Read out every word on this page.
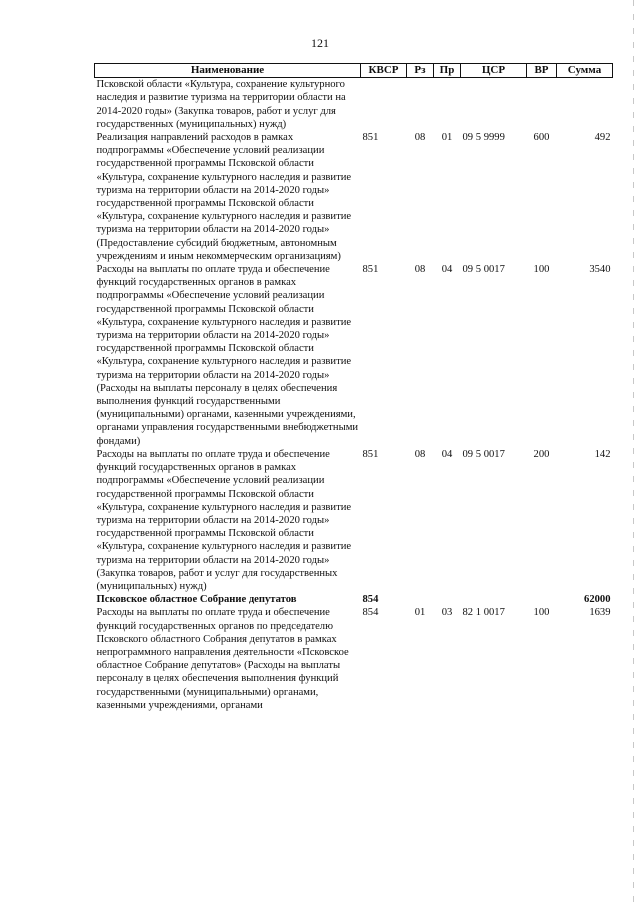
121
Наименование	КВСР	Рз	Пр	ЦСР	ВР	Сумма
Псковской области «Культура, сохранение культурного наследия и развитие туризма на территории области на 2014-2020 годы» (Закупка товаров, работ и услуг для государственных (муниципальных) нужд)						
Реализация направлений расходов в рамках подпрограммы «Обеспечение условий реализации государственной программы Псковской области «Культура, сохранение культурного наследия и развитие туризма на территории области на 2014-2020 годы» государственной программы Псковской области «Культура, сохранение культурного наследия и развитие туризма на территории области на 2014-2020 годы» (Предоставление субсидий бюджетным, автономным учреждениям и иным некоммерческим организациям)	851	08	01	09 5 9999	600	492
Расходы на выплаты по оплате труда и обеспечение функций государственных органов в рамках подпрограммы «Обеспечение условий реализации государственной программы Псковской области «Культура, сохранение культурного наследия и развитие туризма на территории области на 2014-2020 годы» государственной программы Псковской области «Культура, сохранение культурного наследия и развитие туризма на территории области на 2014-2020 годы» (Расходы на выплаты персоналу в целях обеспечения выполнения функций государственными (муниципальными) органами, казенными учреждениями, органами управления государственными внебюджетными фондами)	851	08	04	09 5 0017	100	3540
Расходы на выплаты по оплате труда и обеспечение функций государственных органов в рамках подпрограммы «Обеспечение условий реализации государственной программы Псковской области «Культура, сохранение культурного наследия и развитие туризма на территории области на 2014-2020 годы» государственной программы Псковской области «Культура, сохранение культурного наследия и развитие туризма на территории области на 2014-2020 годы» (Закупка товаров, работ и услуг для государственных (муниципальных) нужд)	851	08	04	09 5 0017	200	142
Псковское областное Собрание депутатов	854					62000
Расходы на выплаты по оплате труда и обеспечение функций государственных органов по председателю Псковского областного Собрания депутатов в рамках непрограммного направления деятельности «Псковское областное Собрание депутатов» (Расходы на выплаты персоналу в целях обеспечения выполнения функций государственными (муниципальными) органами, казенными учреждениями, органами	854	01	03	82 1 0017	100	1639
